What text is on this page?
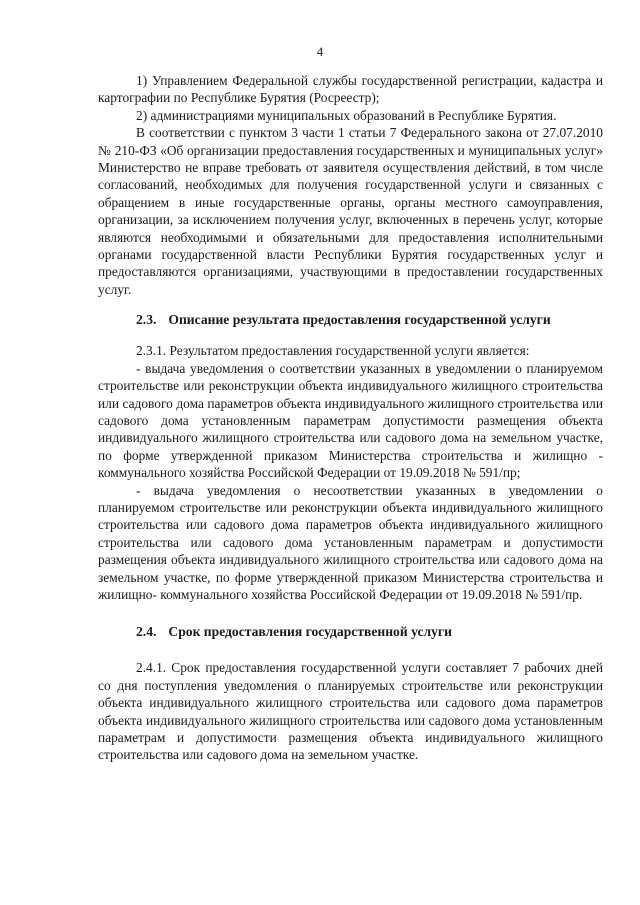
4

1) Управлением Федеральной службы государственной регистрации, кадастра и картографии по Республике Бурятия (Росреестр);

2) администрациями муниципальных образований в Республике Бурятия.

В соответствии с пунктом 3 части 1 статьи 7 Федерального закона от 27.07.2010 № 210-ФЗ «Об организации предоставления государственных и муниципальных услуг» Министерство не вправе требовать от заявителя осуществления действий, в том числе согласований, необходимых для получения государственной услуги и связанных с обращением в иные государственные органы, органы местного самоуправления, организации, за исключением получения услуг, включенных в перечень услуг, которые являются необходимыми и обязательными для предоставления исполнительными органами государственной власти Республики Бурятия государственных услуг и предоставляются организациями, участвующими в предоставлении государственных услуг.

2.3. Описание результата предоставления государственной услуги

2.3.1. Результатом предоставления государственной услуги является:

- выдача уведомления о соответствии указанных в уведомлении о планируемом строительстве или реконструкции объекта индивидуального жилищного строительства или садового дома параметров объекта индивидуального жилищного строительства или садового дома установленным параметрам допустимости размещения объекта индивидуального жилищного строительства или садового дома на земельном участке, по форме утвержденной приказом Министерства строительства и жилищно - коммунального хозяйства Российской Федерации от 19.09.2018 № 591/пр;

- выдача уведомления о несоответствии указанных в уведомлении о планируемом строительстве или реконструкции объекта индивидуального жилищного строительства или садового дома параметров объекта индивидуального жилищного строительства или садового дома установленным параметрам и допустимости размещения объекта индивидуального жилищного строительства или садового дома на земельном участке, по форме утвержденной приказом Министерства строительства и жилищно- коммунального хозяйства Российской Федерации от 19.09.2018 № 591/пр.

2.4. Срок предоставления государственной услуги

2.4.1. Срок предоставления государственной услуги составляет 7 рабочих дней со дня поступления уведомления о планируемых строительстве или реконструкции объекта индивидуального жилищного строительства или садового дома параметров объекта индивидуального жилищного строительства или садового дома установленным параметрам и допустимости размещения объекта индивидуального жилищного строительства или садового дома на земельном участке.
